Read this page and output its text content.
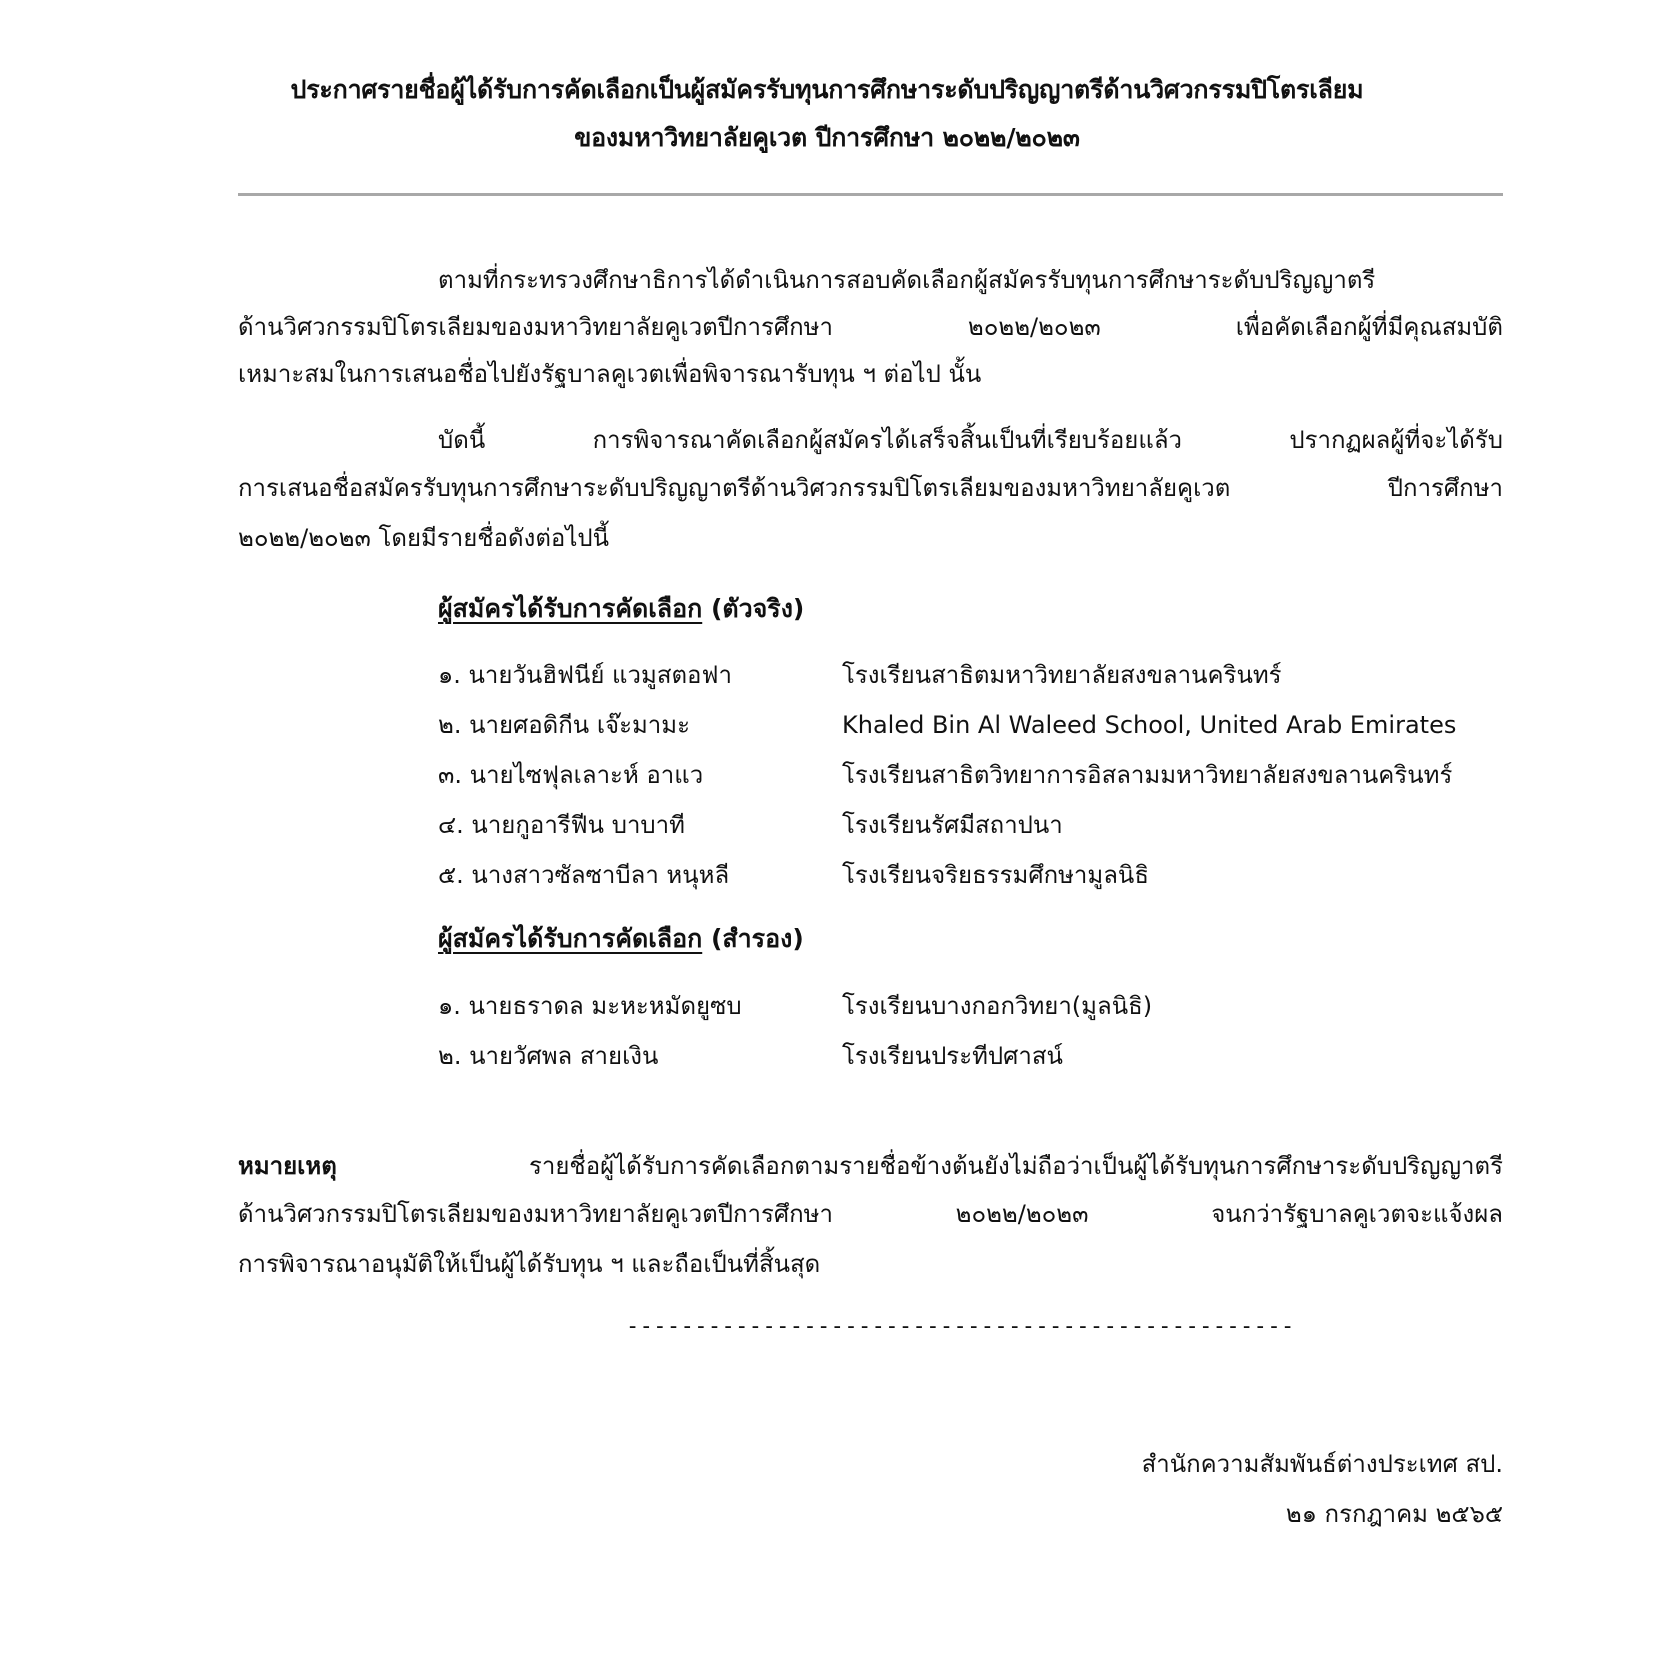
ประกาศรายชื่อผู้ได้รับการคัดเลือกเป็นผู้สมัครรับทุนการศึกษาระดับปริญญาตรีด้านวิศวกรรมปิโตรเลียม
ของมหาวิทยาลัยคูเวต ปีการศึกษา ๒๐๒๒/๒๐๒๓
ตามที่กระทรวงศึกษาธิการได้ดำเนินการสอบคัดเลือกผู้สมัครรับทุนการศึกษาระดับปริญญาตรี
ด้านวิศวกรรมปิโตรเลียมของมหาวิทยาลัยคูเวตปีการศึกษา ๒๐๒๒/๒๐๒๓ เพื่อคัดเลือกผู้ที่มีคุณสมบัติ
เหมาะสมในการเสนอชื่อไปยังรัฐบาลคูเวตเพื่อพิจารณารับทุน ฯ ต่อไป นั้น
บัดนี้ การพิจารณาคัดเลือกผู้สมัครได้เสร็จสิ้นเป็นที่เรียบร้อยแล้ว ปรากฏผลผู้ที่จะได้รับ
การเสนอชื่อสมัครรับทุนการศึกษาระดับปริญญาตรีด้านวิศวกรรมปิโตรเลียมของมหาวิทยาลัยคูเวต ปีการศึกษา
๒๐๒๒/๒๐๒๓ โดยมีรายชื่อดังต่อไปนี้
ผู้สมัครได้รับการคัดเลือก (ตัวจริง)
๑. นายวันฮิฟนีย์ แวมูสตอฟา	โรงเรียนสาธิตมหาวิทยาลัยสงขลานครินทร์
๒. นายศอดิกีน เจ๊ะมามะ	Khaled Bin Al Waleed School, United Arab Emirates
๓. นายไซฟุลเลาะห์ อาแว	โรงเรียนสาธิตวิทยาการอิสลามมหาวิทยาลัยสงขลานครินทร์
๔. นายกูอารีฟีน บาบาที	โรงเรียนรัศมีสถาปนา
๕. นางสาวซัลซาบีลา หนุหลี	โรงเรียนจริยธรรมศึกษามูลนิธิ
ผู้สมัครได้รับการคัดเลือก (สำรอง)
๑. นายธราดล มะหะหมัดยูซบ	โรงเรียนบางกอกวิทยา(มูลนิธิ)
๒. นายวัศพล สายเงิน	โรงเรียนประทีปศาสน์
หมายเหตุ	รายชื่อผู้ได้รับการคัดเลือกตามรายชื่อข้างต้นยังไม่ถือว่าเป็นผู้ได้รับทุนการศึกษาระดับปริญญาตรี
ด้านวิศวกรรมปิโตรเลียมของมหาวิทยาลัยคูเวตปีการศึกษา ๒๐๒๒/๒๐๒๓ จนกว่ารัฐบาลคูเวตจะแจ้งผล
การพิจารณาอนุมัติให้เป็นผู้ได้รับทุน ฯ และถือเป็นที่สิ้นสุด
-------------------------------------------------
สำนักความสัมพันธ์ต่างประเทศ สป.
๒๑ กรกฎาคม ๒๕๖๕
